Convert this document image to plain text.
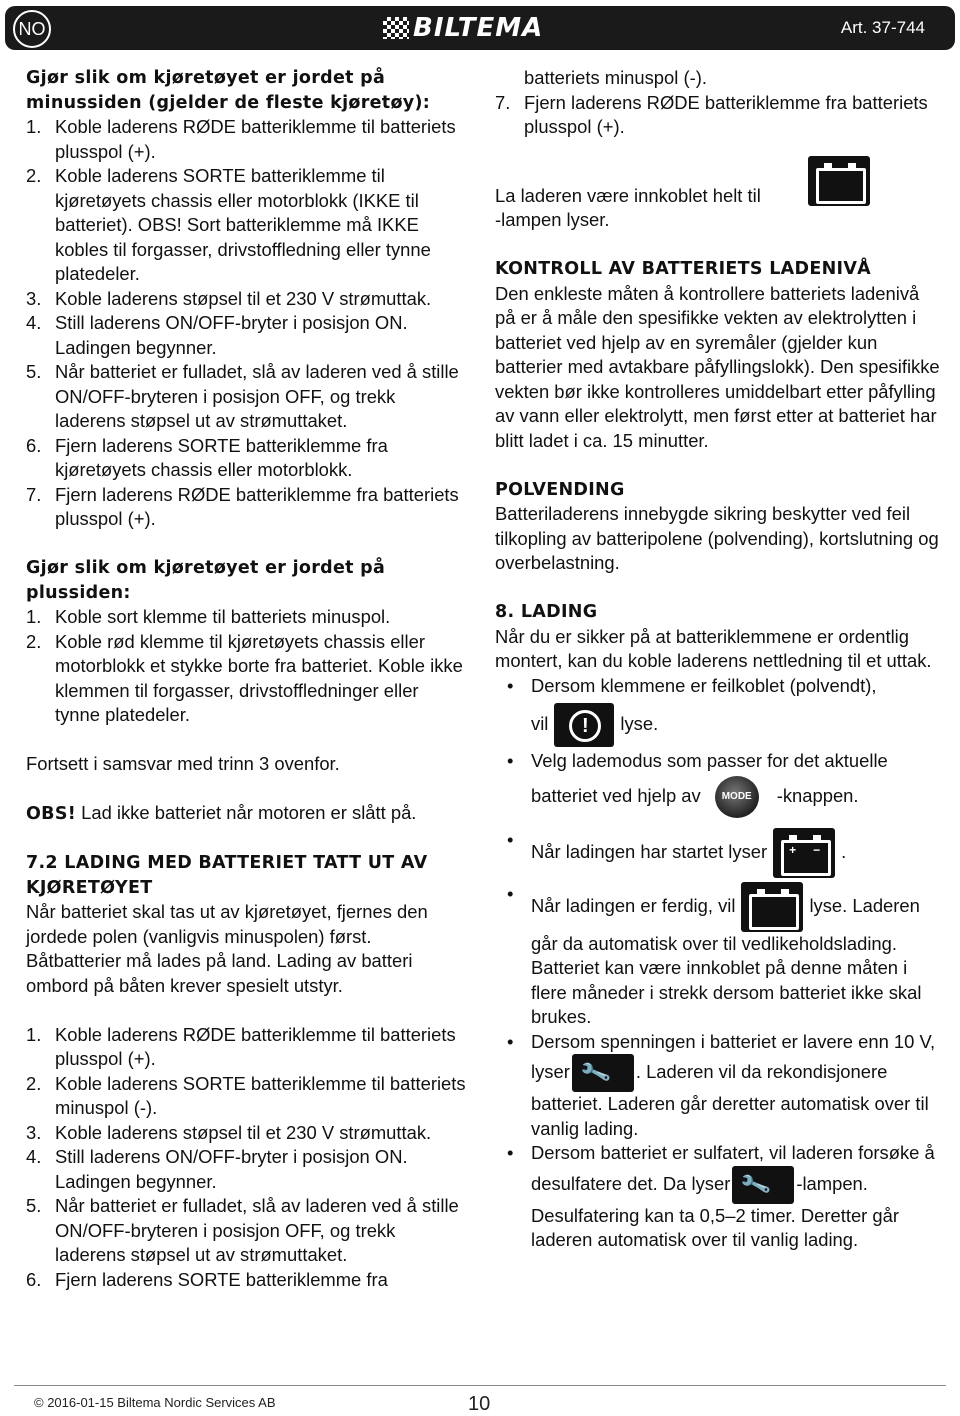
NO	BILTEMA	Art. 37-744

Gjør slik om kjøretøyet er jordet på minussiden (gjelder de fleste kjøretøy):

1. Koble laderens RØDE batteriklemme til batteriets plusspol (+).
2. Koble laderens SORTE batteriklemme til kjøretøyets chassis eller motorblokk (IKKE til batteriet). OBS! Sort batteriklemme må IKKE kobles til forgasser, drivstoffledning eller tynne platedeler.
3. Koble laderens støpsel til et 230 V strømuttak.
4. Still laderens ON/OFF-bryter i posisjon ON. Ladingen begynner.
5. Når batteriet er fulladet, slå av laderen ved å stille ON/OFF-bryteren i posisjon OFF, og trekk laderens støpsel ut av strømuttaket.
6. Fjern laderens SORTE batteriklemme fra kjøretøyets chassis eller motorblokk.
7. Fjern laderens RØDE batteriklemme fra batteriets plusspol (+).

Gjør slik om kjøretøyet er jordet på plussiden:

1. Koble sort klemme til batteriets minuspol.
2. Koble rød klemme til kjøretøyets chassis eller motorblokk et stykke borte fra batteriet. Koble ikke klemmen til forgasser, drivstoffledninger eller tynne platedeler.

Fortsett i samsvar med trinn 3 ovenfor.

OBS! Lad ikke batteriet når motoren er slått på.

7.2 LADING MED BATTERIET TATT UT AV KJØRETØYET

Når batteriet skal tas ut av kjøretøyet, fjernes den jordede polen (vanligvis minuspolen) først. Båtbatterier må lades på land. Lading av batteri ombord på båten krever spesielt utstyr.

1. Koble laderens RØDE batteriklemme til batteriets plusspol (+).
2. Koble laderens SORTE batteriklemme til batteriets minuspol (-).
3. Koble laderens støpsel til et 230 V strømuttak.
4. Still laderens ON/OFF-bryter i posisjon ON. Ladingen begynner.
5. Når batteriet er fulladet, slå av laderen ved å stille ON/OFF-bryteren i posisjon OFF, og trekk laderens støpsel ut av strømuttaket.
6. Fjern laderens SORTE batteriklemme fra

batteriets minuspol (-).

7. Fjern laderens RØDE batteriklemme fra batteriets plusspol (+).

La laderen være innkoblet helt til

-lampen lyser.

KONTROLL AV BATTERIETS LADENIVÅ

Den enkleste måten å kontrollere batteriets ladenivå på er å måle den spesifikke vekten av elektrolytten i batteriet ved hjelp av en syremåler (gjelder kun batterier med avtakbare påfyllingslokk). Den spesifikke vekten bør ikke kontrolleres umiddelbart etter påfylling av vann eller elektrolytt, men først etter at batteriet har blitt ladet i ca. 15 minutter.

POLVENDING

Batteriladerens innebygde sikring beskytter ved feil tilkopling av batteripolene (polvending), kortslutning og overbelastning.

8. LADING

Når du er sikker på at batteriklemmene er ordentlig montert, kan du koble laderens nettledning til et uttak.

• Dersom klemmene er feilkoblet (polvendt),
vil	!	lyse.
• Velg lademodus som passer for det aktuelle batteriet ved hjelp av	MODE	-knappen.
• Når ladingen har startet lyser + − .
• Når ladingen er ferdig, vil	lyse. Laderen går da automatisk over til vedlikeholdslading. Batteriet kan være innkoblet på denne måten i flere måneder i strekk dersom batteriet ikke skal brukes.
• Dersom spenningen i batteriet er lavere enn 10 V, lyser 🔧 . Laderen vil da rekondisjonere batteriet. Laderen går deretter automatisk over til vanlig lading.
• Dersom batteriet er sulfatert, vil laderen forsøke å desulfatere det. Da lyser 🔧 -lampen. Desulfatering kan ta 0,5–2 timer. Deretter går laderen automatisk over til vanlig lading.
© 2016-01-15 Biltema Nordic Services AB	10
